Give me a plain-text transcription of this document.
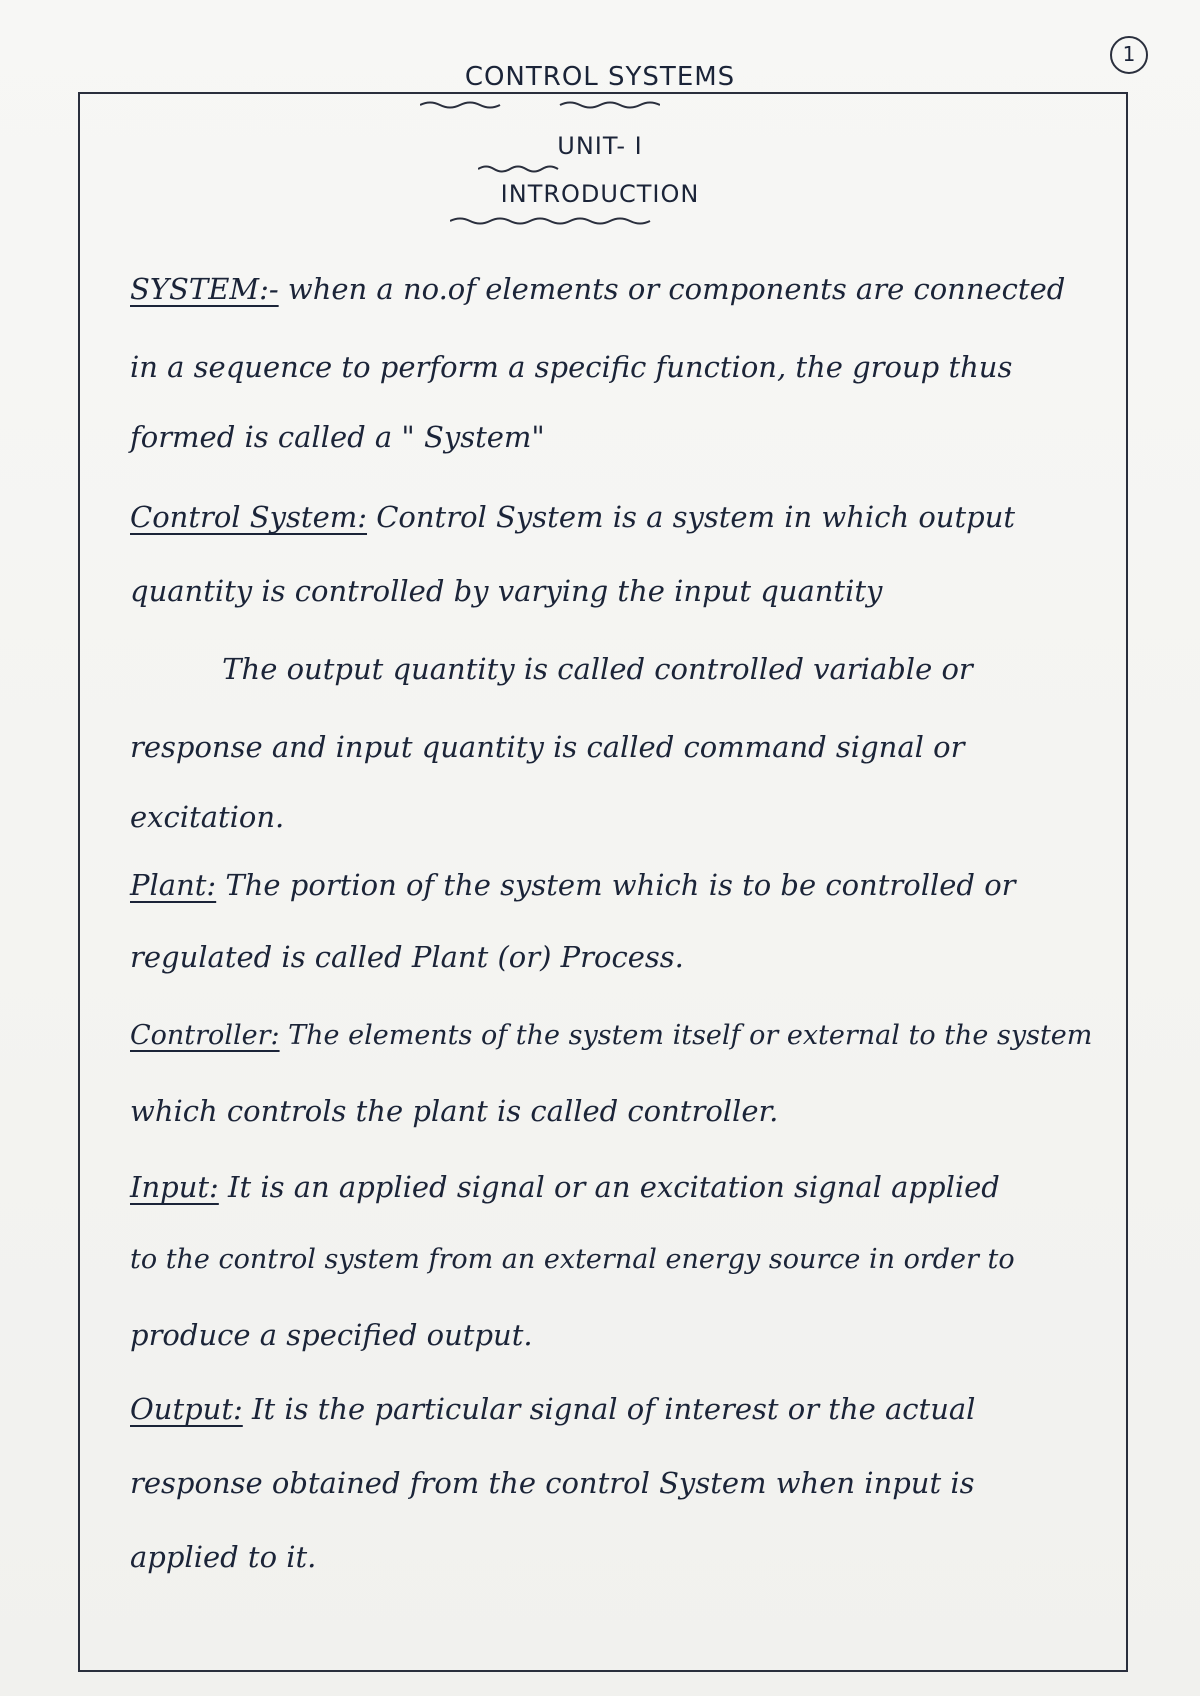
1
CONTROL SYSTEMS
UNIT- I
INTRODUCTION
SYSTEM:- when a no.of elements or components are connected
in a sequence to perform a specific function, the group thus
formed is called a " System"
Control System: Control System is a system in which output
quantity is controlled by varying the input quantity
The output quantity is called controlled variable or
response and input quantity is called command signal or
excitation.
Plant: The portion of the system which is to be controlled or
regulated is called Plant (or) Process.
Controller: The elements of the system itself or external to the system
which controls the plant is called controller.
Input: It is an applied signal or an excitation signal applied
to the control system from an external energy source in order to
produce a specified output.
Output: It is the particular signal of interest or the actual
response obtained from the control System when input is
applied to it.
